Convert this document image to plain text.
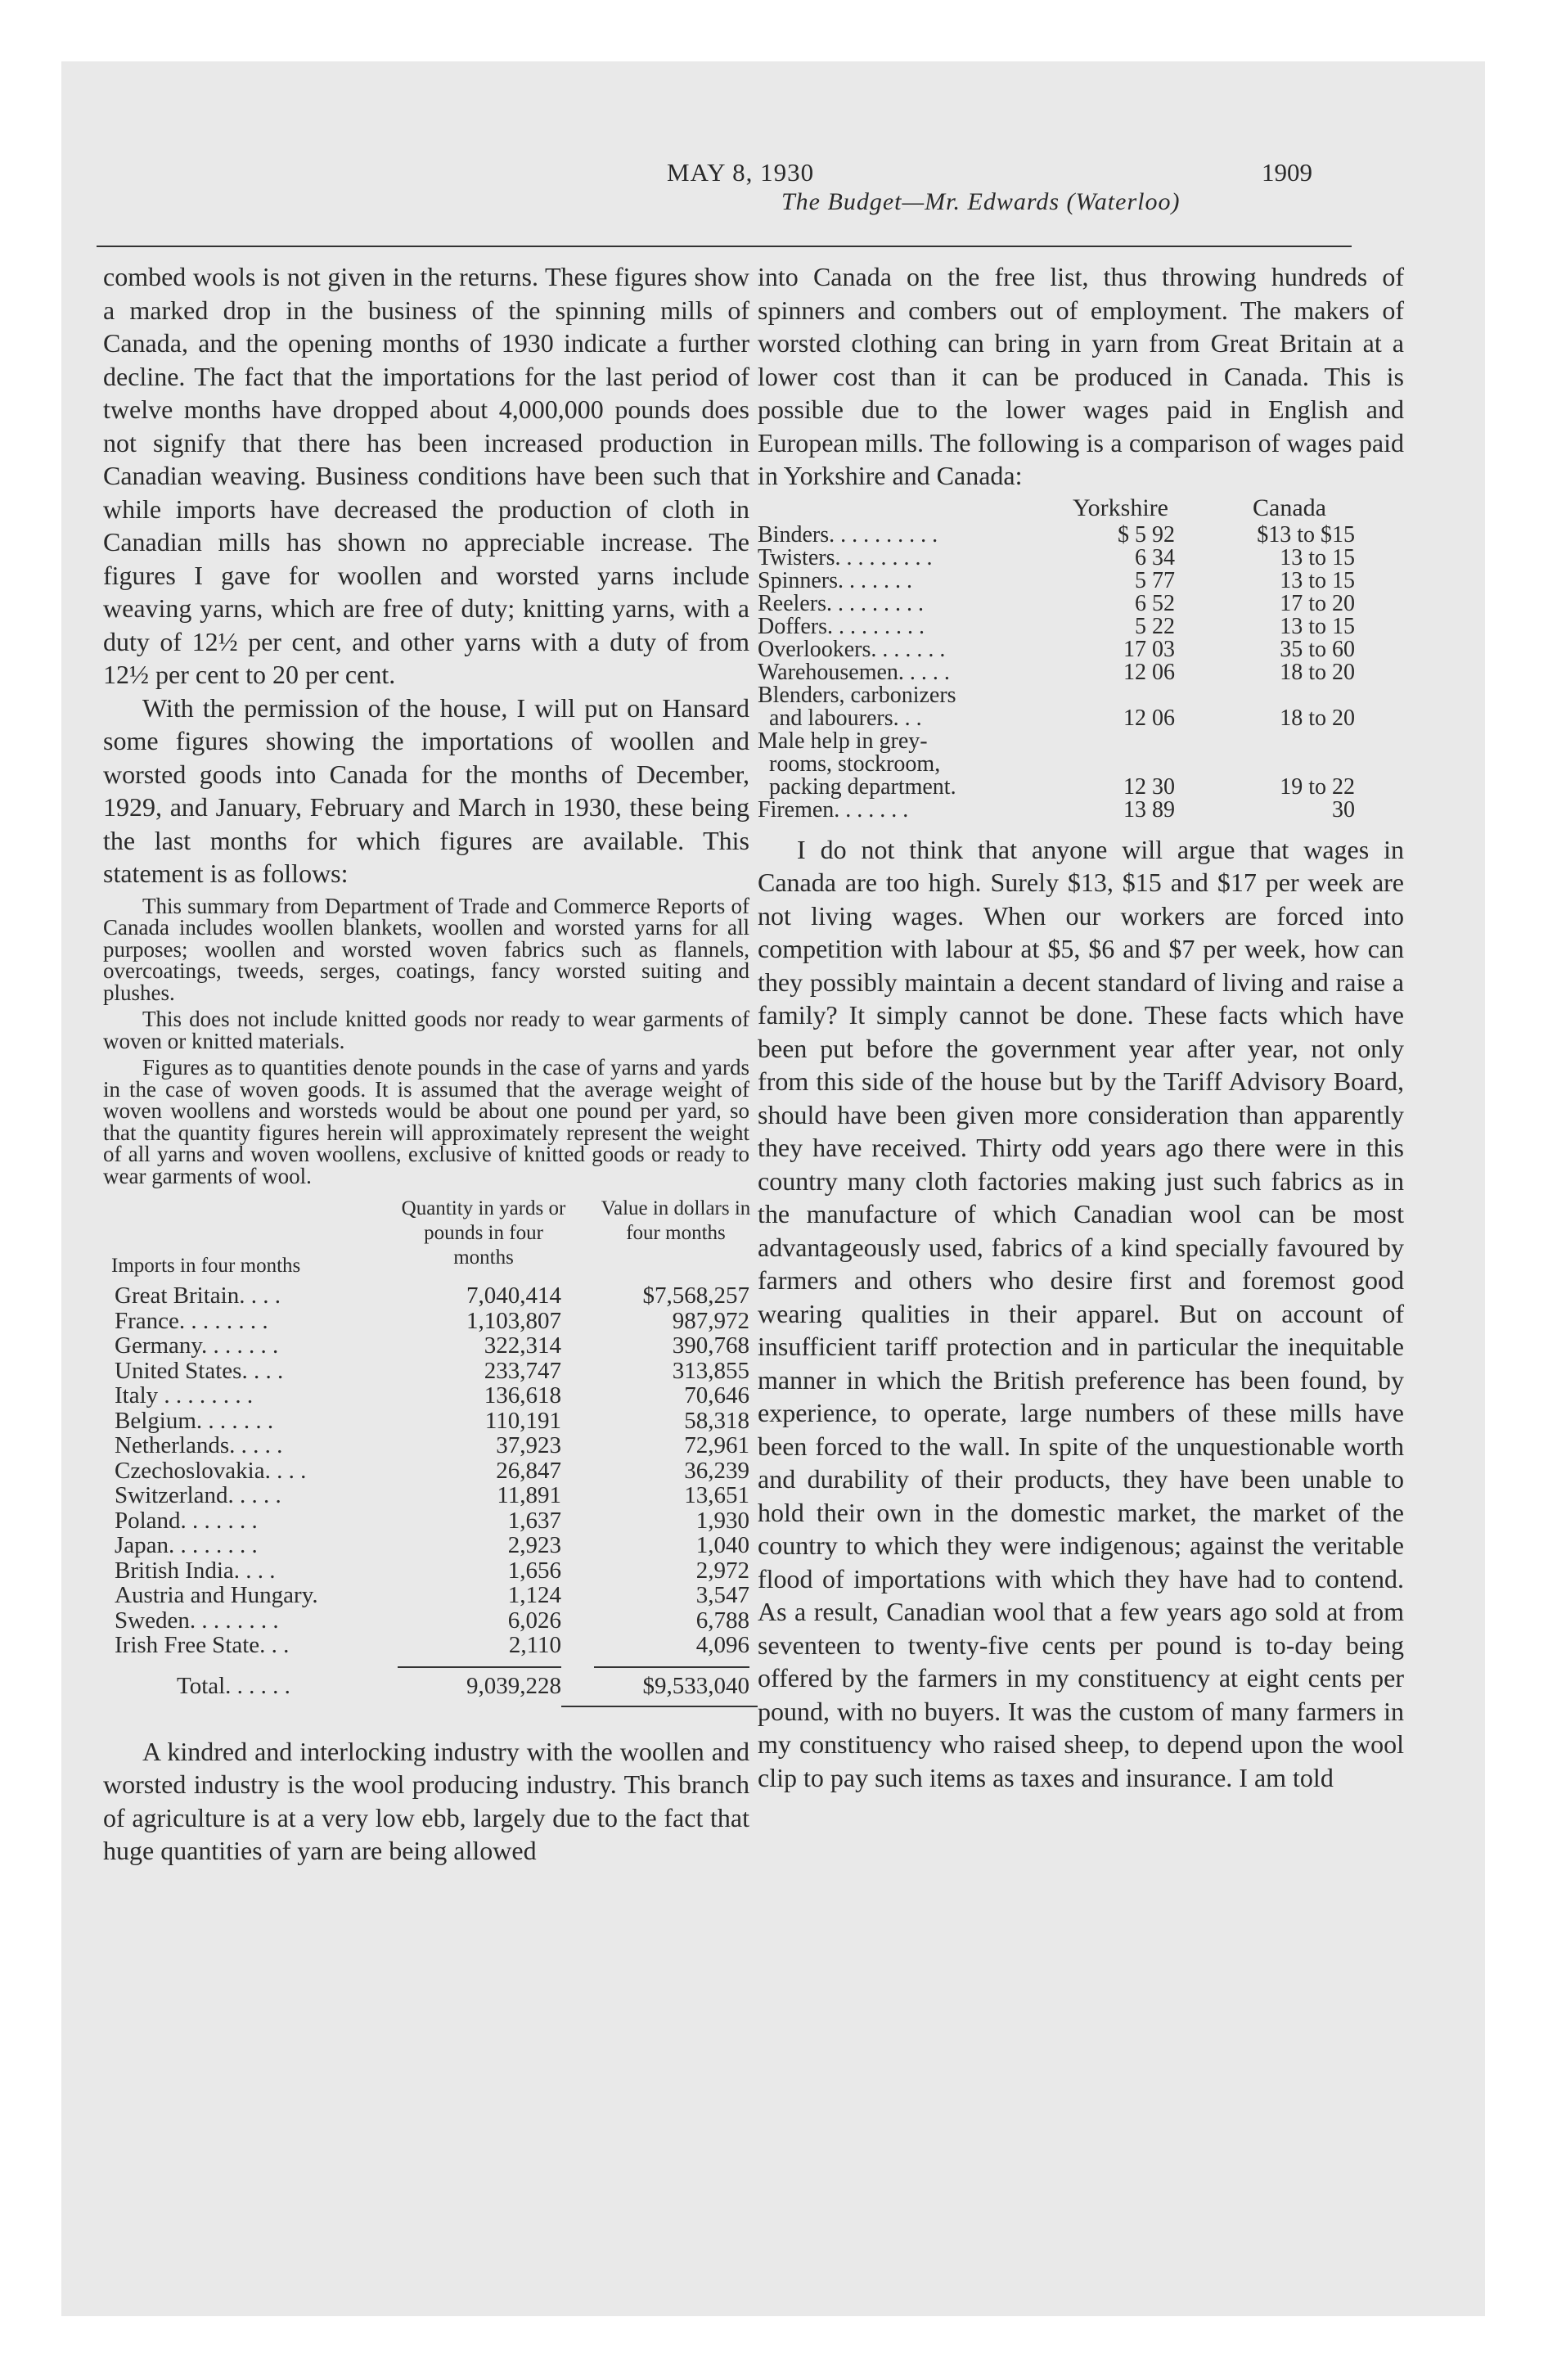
MAY 8, 1930	1909
The Budget—Mr. Edwards (Waterloo)

combed wools is not given in the returns. These figures show a marked drop in the business of the spinning mills of Canada, and the opening months of 1930 indicate a further decline. The fact that the importations for the last period of twelve months have dropped about 4,000,000 pounds does not signify that there has been increased production in Canadian weaving. Business conditions have been such that while imports have decreased the production of cloth in Canadian mills has shown no appreciable increase. The figures I gave for woollen and worsted yarns include weaving yarns, which are free of duty; knitting yarns, with a duty of 12½ per cent, and other yarns with a duty of from 12½ per cent to 20 per cent.

With the permission of the house, I will put on Hansard some figures showing the importations of woollen and worsted goods into Canada for the months of December, 1929, and January, February and March in 1930, these being the last months for which figures are available. This statement is as follows:

This summary from Department of Trade and Commerce Reports of Canada includes woollen blankets, woollen and worsted yarns for all purposes; woollen and worsted woven fabrics such as flannels, overcoatings, tweeds, serges, coatings, fancy worsted suiting and plushes.

This does not include knitted goods nor ready to wear garments of woven or knitted materials.

Figures as to quantities denote pounds in the case of yarns and yards in the case of woven goods. It is assumed that the average weight of woven woollens and worsteds would be about one pound per yard, so that the quantity figures herein will approximately represent the weight of all yarns and woven woollens, exclusive of knitted goods or ready to wear garments of wool.

Imports in four months
Quantity in yards or pounds in four months
Value in dollars in four months
Great Britain. . . .	7,040,414	$7,568,257
France. . . . . . . .	1,103,807	987,972
Germany. . . . . . .	322,314	390,768
United States. . . .	233,747	313,855
Italy . . . . . . . .	136,618	70,646
Belgium. . . . . . .	110,191	58,318
Netherlands. . . . .	37,923	72,961
Czechoslovakia. . . .	26,847	36,239
Switzerland. . . . .	11,891	13,651
Poland. . . . . . .	1,637	1,930
Japan. . . . . . . .	2,923	1,040
British India. . . .	1,656	2,972
Austria and Hungary.	1,124	3,547
Sweden. . . . . . . .	6,026	6,788
Irish Free State. . .	2,110	4,096
Total. . . . . .	9,039,228	$9,533,040

A kindred and interlocking industry with the woollen and worsted industry is the wool producing industry. This branch of agriculture is at a very low ebb, largely due to the fact that huge quantities of yarn are being allowed

into Canada on the free list, thus throwing hundreds of spinners and combers out of employment. The makers of worsted clothing can bring in yarn from Great Britain at a lower cost than it can be produced in Canada. This is possible due to the lower wages paid in English and European mills. The following is a comparison of wages paid in Yorkshire and Canada:

Yorkshire	Canada
Binders. . . . . . . . . .	$ 5 92	$13 to $15
Twisters. . . . . . . . .	6 34	13 to 15
Spinners. . . . . . .	5 77	13 to 15
Reelers. . . . . . . . .	6 52	17 to 20
Doffers. . . . . . . . .	5 22	13 to 15
Overlookers. . . . . . .	17 03	35 to 60
Warehousemen. . . . .	12 06	18 to 20
Blenders, carbonizers
and labourers. . .	12 06	18 to 20
Male help in grey-
rooms, stockroom,
packing department.	12 30	19 to 22
Firemen. . . . . . .	13 89	30

I do not think that anyone will argue that wages in Canada are too high. Surely $13, $15 and $17 per week are not living wages. When our workers are forced into competition with labour at $5, $6 and $7 per week, how can they possibly maintain a decent standard of living and raise a family? It simply cannot be done. These facts which have been put before the government year after year, not only from this side of the house but by the Tariff Advisory Board, should have been given more consideration than apparently they have received. Thirty odd years ago there were in this country many cloth factories making just such fabrics as in the manufacture of which Canadian wool can be most advantageously used, fabrics of a kind specially favoured by farmers and others who desire first and foremost good wearing qualities in their apparel. But on account of insufficient tariff protection and in particular the inequitable manner in which the British preference has been found, by experience, to operate, large numbers of these mills have been forced to the wall. In spite of the unquestionable worth and durability of their products, they have been unable to hold their own in the domestic market, the market of the country to which they were indigenous; against the veritable flood of importations with which they have had to contend. As a result, Canadian wool that a few years ago sold at from seventeen to twenty-five cents per pound is to-day being offered by the farmers in my constituency at eight cents per pound, with no buyers. It was the custom of many farmers in my constituency who raised sheep, to depend upon the wool clip to pay such items as taxes and insurance. I am told
